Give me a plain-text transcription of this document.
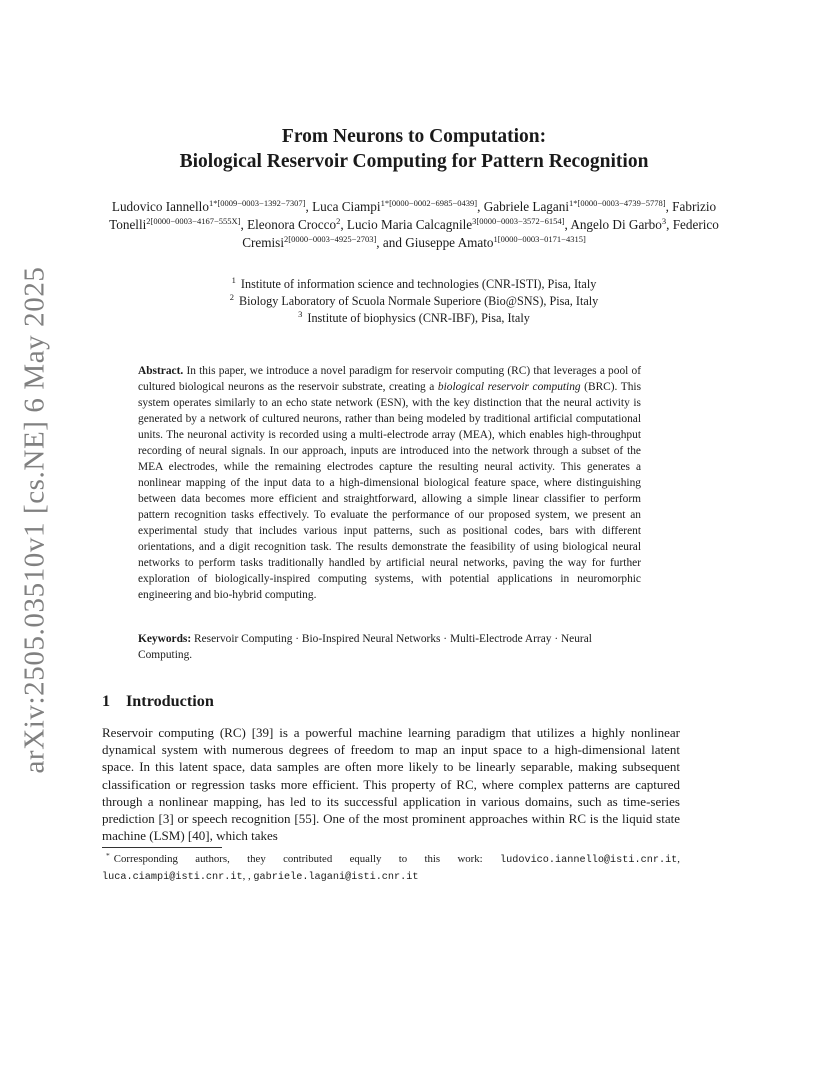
arXiv:2505.03510v1 [cs.NE] 6 May 2025
From Neurons to Computation:
Biological Reservoir Computing for Pattern Recognition
Ludovico Iannello$^{1*[0009-0003-1392-7307]}$, Luca Ciampi$^{1*[0000-0002-6985-0439]}$, Gabriele Lagani$^{1*[0000-0003-4739-5778]}$, Fabrizio Tonelli$^{2[0000-0003-4167-555X]}$, Eleonora Crocco$^2$, Lucio Maria Calcagnile$^{3[0000-0003-3572-6154]}$, Angelo Di Garbo$^3$, Federico Cremisi$^{2[0000-0003-4925-2703]}$, and Giuseppe Amato$^{1[0000-0003-0171-4315]}$
$^1$ Institute of information science and technologies (CNR-ISTI), Pisa, Italy
$^2$ Biology Laboratory of Scuola Normale Superiore (Bio@SNS), Pisa, Italy
$^3$ Institute of biophysics (CNR-IBF), Pisa, Italy
Abstract. In this paper, we introduce a novel paradigm for reservoir computing (RC) that leverages a pool of cultured biological neurons as the reservoir substrate, creating a biological reservoir computing (BRC). This system operates similarly to an echo state network (ESN), with the key distinction that the neural activity is generated by a network of cultured neurons, rather than being modeled by traditional artificial computational units. The neuronal activity is recorded using a multi-electrode array (MEA), which enables high-throughput recording of neural signals. In our approach, inputs are introduced into the network through a subset of the MEA electrodes, while the remaining electrodes capture the resulting neural activity. This generates a nonlinear mapping of the input data to a high-dimensional biological feature space, where distinguishing between data becomes more efficient and straightforward, allowing a simple linear classifier to perform pattern recognition tasks effectively. To evaluate the performance of our proposed system, we present an experimental study that includes various input patterns, such as positional codes, bars with different orientations, and a digit recognition task. The results demonstrate the feasibility of using biological neural networks to perform tasks traditionally handled by artificial neural networks, paving the way for further exploration of biologically-inspired computing systems, with potential applications in neuromorphic engineering and bio-hybrid computing.
Keywords: Reservoir Computing · Bio-Inspired Neural Networks · Multi-Electrode Array · Neural Computing.
1 Introduction
Reservoir computing (RC) [39] is a powerful machine learning paradigm that utilizes a highly nonlinear dynamical system with numerous degrees of freedom to map an input space to a high-dimensional latent space. In this latent space, data samples are often more likely to be linearly separable, making subsequent classification or regression tasks more efficient. This property of RC, where complex patterns are captured through a nonlinear mapping, has led to its successful application in various domains, such as time-series prediction [3] or speech recognition [55]. One of the most prominent approaches within RC is the liquid state machine (LSM) [40], which takes
* Corresponding authors, they contributed equally to this work: ludovico.iannello@isti.cnr.it, luca.ciampi@isti.cnr.it, , gabriele.lagani@isti.cnr.it
